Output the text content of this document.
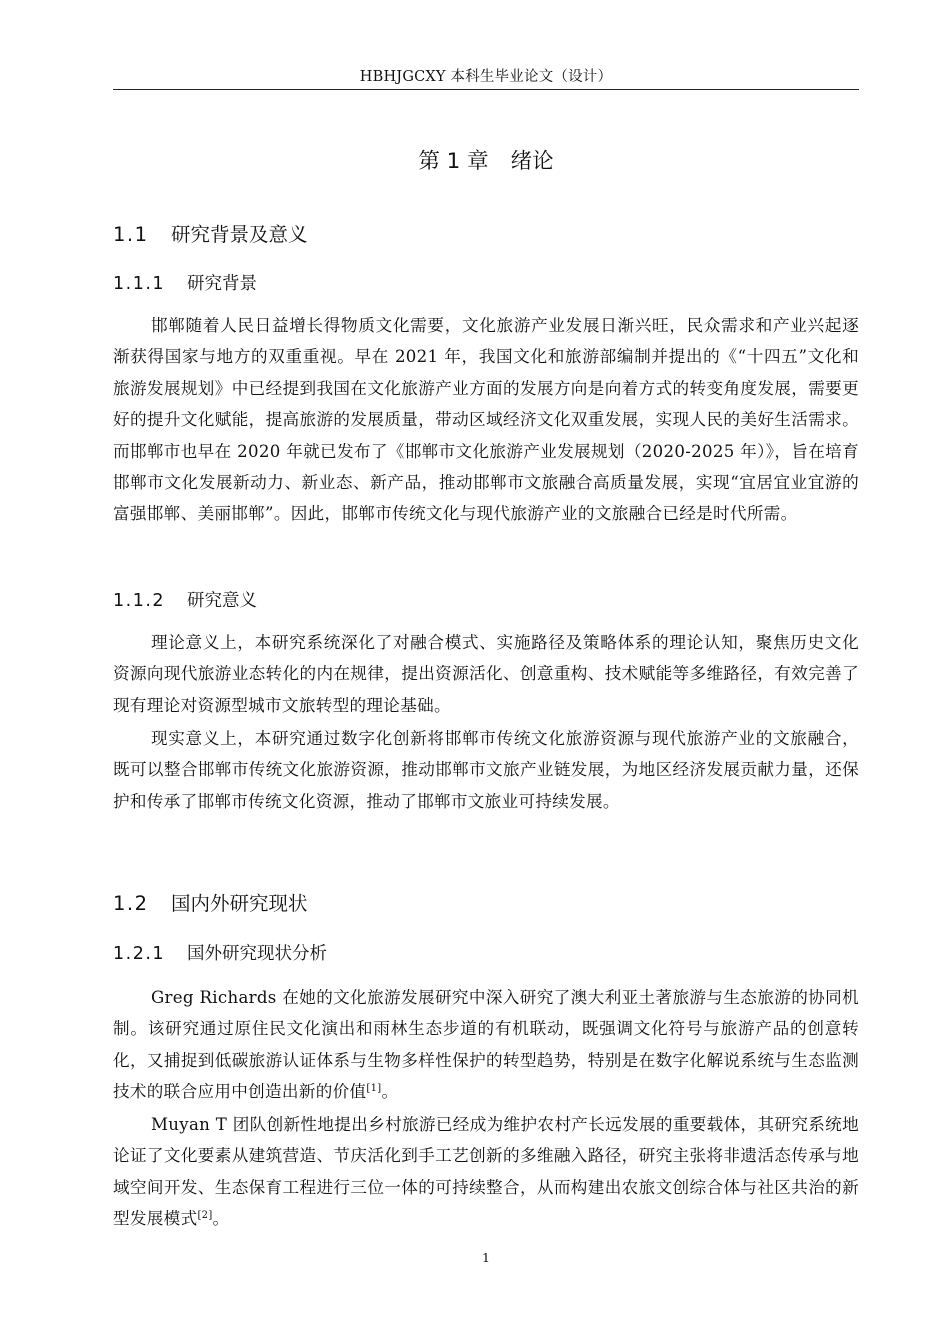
HBHJGCXY 本科生毕业论文（设计）
第 1 章 绪论
1.1 研究背景及意义
1.1.1 研究背景

邯郸随着人民日益增长得物质文化需要，文化旅游产业发展日渐兴旺，民众需求和产业兴起逐渐获得国家与地方的双重重视。早在 2021 年，我国文化和旅游部编制并提出的《“十四五”文化和旅游发展规划》中已经提到我国在文化旅游产业方面的发展方向是向着方式的转变角度发展，需要更好的提升文化赋能，提高旅游的发展质量，带动区域经济文化双重发展，实现人民的美好生活需求。而邯郸市也早在 2020 年就已发布了《邯郸市文化旅游产业发展规划（2020-2025 年）》，旨在培育邯郸市文化发展新动力、新业态、新产品，推动邯郸市文旅融合高质量发展，实现“宜居宜业宜游的富强邯郸、美丽邯郸”。因此，邯郸市传统文化与现代旅游产业的文旅融合已经是时代所需。

1.1.2 研究意义

理论意义上，本研究系统深化了对融合模式、实施路径及策略体系的理论认知，聚焦历史文化资源向现代旅游业态转化的内在规律，提出资源活化、创意重构、技术赋能等多维路径，有效完善了现有理论对资源型城市文旅转型的理论基础。

现实意义上，本研究通过数字化创新将邯郸市传统文化旅游资源与现代旅游产业的文旅融合，既可以整合邯郸市传统文化旅游资源，推动邯郸市文旅产业链发展，为地区经济发展贡献力量，还保护和传承了邯郸市传统文化资源，推动了邯郸市文旅业可持续发展。

1.2 国内外研究现状
1.2.1 国外研究现状分析

Greg Richards 在她的文化旅游发展研究中深入研究了澳大利亚土著旅游与生态旅游的协同机制。该研究通过原住民文化演出和雨林生态步道的有机联动，既强调文化符号与旅游产品的创意转化，又捕捉到低碳旅游认证体系与生物多样性保护的转型趋势，特别是在数字化解说系统与生态监测技术的联合应用中创造出新的价值[1]。

Muyan T 团队创新性地提出乡村旅游已经成为维护农村产长远发展的重要载体，其研究系统地论证了文化要素从建筑营造、节庆活化到手工艺创新的多维融入路径，研究主张将非遗活态传承与地域空间开发、生态保育工程进行三位一体的可持续整合，从而构建出农旅文创综合体与社区共治的新型发展模式[2]。

1
